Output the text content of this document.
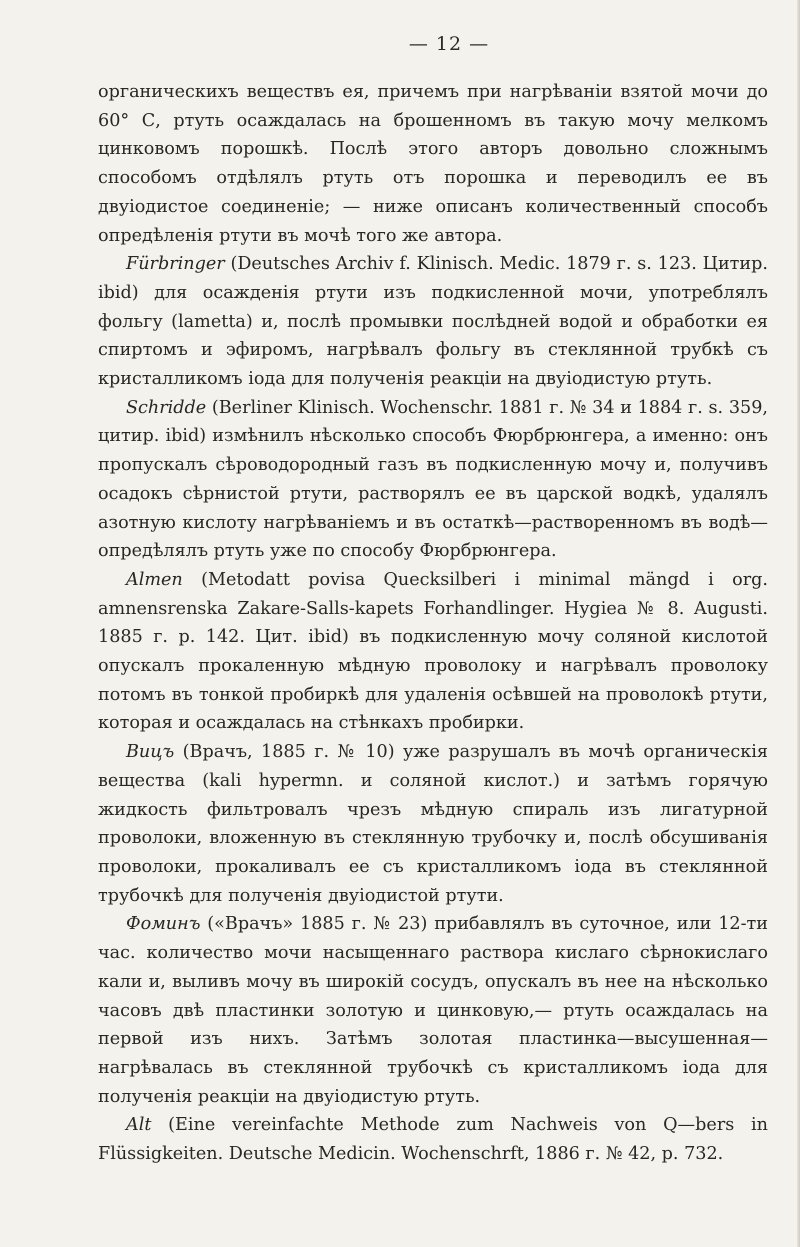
— 12 —

органическихъ веществъ ея, причемъ при нагрѣваніи взятой мочи до 60° С, ртуть осаждалась на брошенномъ въ такую мочу мелкомъ цинковомъ порошкѣ. Послѣ этого авторъ довольно сложнымъ способомъ отдѣлялъ ртуть отъ порошка и переводилъ ее въ двуiодистое соединеніе; — ниже описанъ количественный способъ опредѣленія ртути въ мочѣ того же автора.

Fürbringer (Deutsches Archiv f. Klinisch. Medic. 1879 г. s. 123. Цитир. ibid) для осажденія ртути изъ подкисленной мочи, употреблялъ фольгу (lametta) и, послѣ промывки послѣдней водой и обработки ея спиртомъ и эфиромъ, нагрѣвалъ фольгу въ стеклянной трубкѣ съ кристалликомъ іода для полученія реакціи на двуiодистую ртуть.

Schridde (Berliner Klinisch. Wochenschr. 1881 г. № 34 и 1884 г. s. 359, цитир. ibid) измѣнилъ нѣсколько способъ Фюрбрюнгера, а именно: онъ пропускалъ сѣроводородный газъ въ подкисленную мочу и, получивъ осадокъ сѣрнистой ртути, растворялъ ее въ царской водкѣ, удалялъ азотную кислоту нагрѣваніемъ и въ остаткѣ—растворенномъ въ водѣ—опредѣлялъ ртуть уже по способу Фюрбрюнгера.

Almen (Metodatt povisa Queckѕilberi i minimal mängd i org. amnensrenska Zakare-Salls-kapets Forhandlinger. Hygiea № 8. Augusti. 1885 г. р. 142. Цит. ibid) въ подкисленную мочу соляной кислотой опускалъ прокаленную мѣдную проволоку и нагрѣвалъ проволоку потомъ въ тонкой пробиркѣ для удаленія осѣвшей на проволокѣ ртути, которая и осаждалась на стѣнкахъ пробирки.

Вицъ (Врачъ, 1885 г. № 10) уже разрушалъ въ мочѣ органическія вещества (kali hypermn. и соляной кислот.) и затѣмъ горячую жидкость фильтровалъ чрезъ мѣдную спираль изъ лигатурной проволоки, вложенную въ стеклянную трубочку и, послѣ обсушиванія проволоки, прокаливалъ ее съ кристалликомъ іода въ стеклянной трубочкѣ для полученія двуiодистой ртути.

Фоминъ («Врачъ» 1885 г. № 23) прибавлялъ въ суточное, или 12-ти час. количество мочи насыщеннаго раствора кислаго сѣрнокислаго кали и, выливъ мочу въ широкій сосудъ, опускалъ въ нее на нѣсколько часовъ двѣ пластинки золотую и цинковую,— ртуть осаждалась на первой изъ нихъ. Затѣмъ золотая пластинка—высушенная—нагрѣвалась въ стеклянной трубочкѣ съ кристалликомъ іода для полученія реакціи на двуiодистую ртуть.

Alt (Eine vereinfachte Methode zum Nachweis von Q—bers in Flüssigkeiten. Deutsche Medicin. Wochenschrft, 1886 г. № 42, р. 732.
